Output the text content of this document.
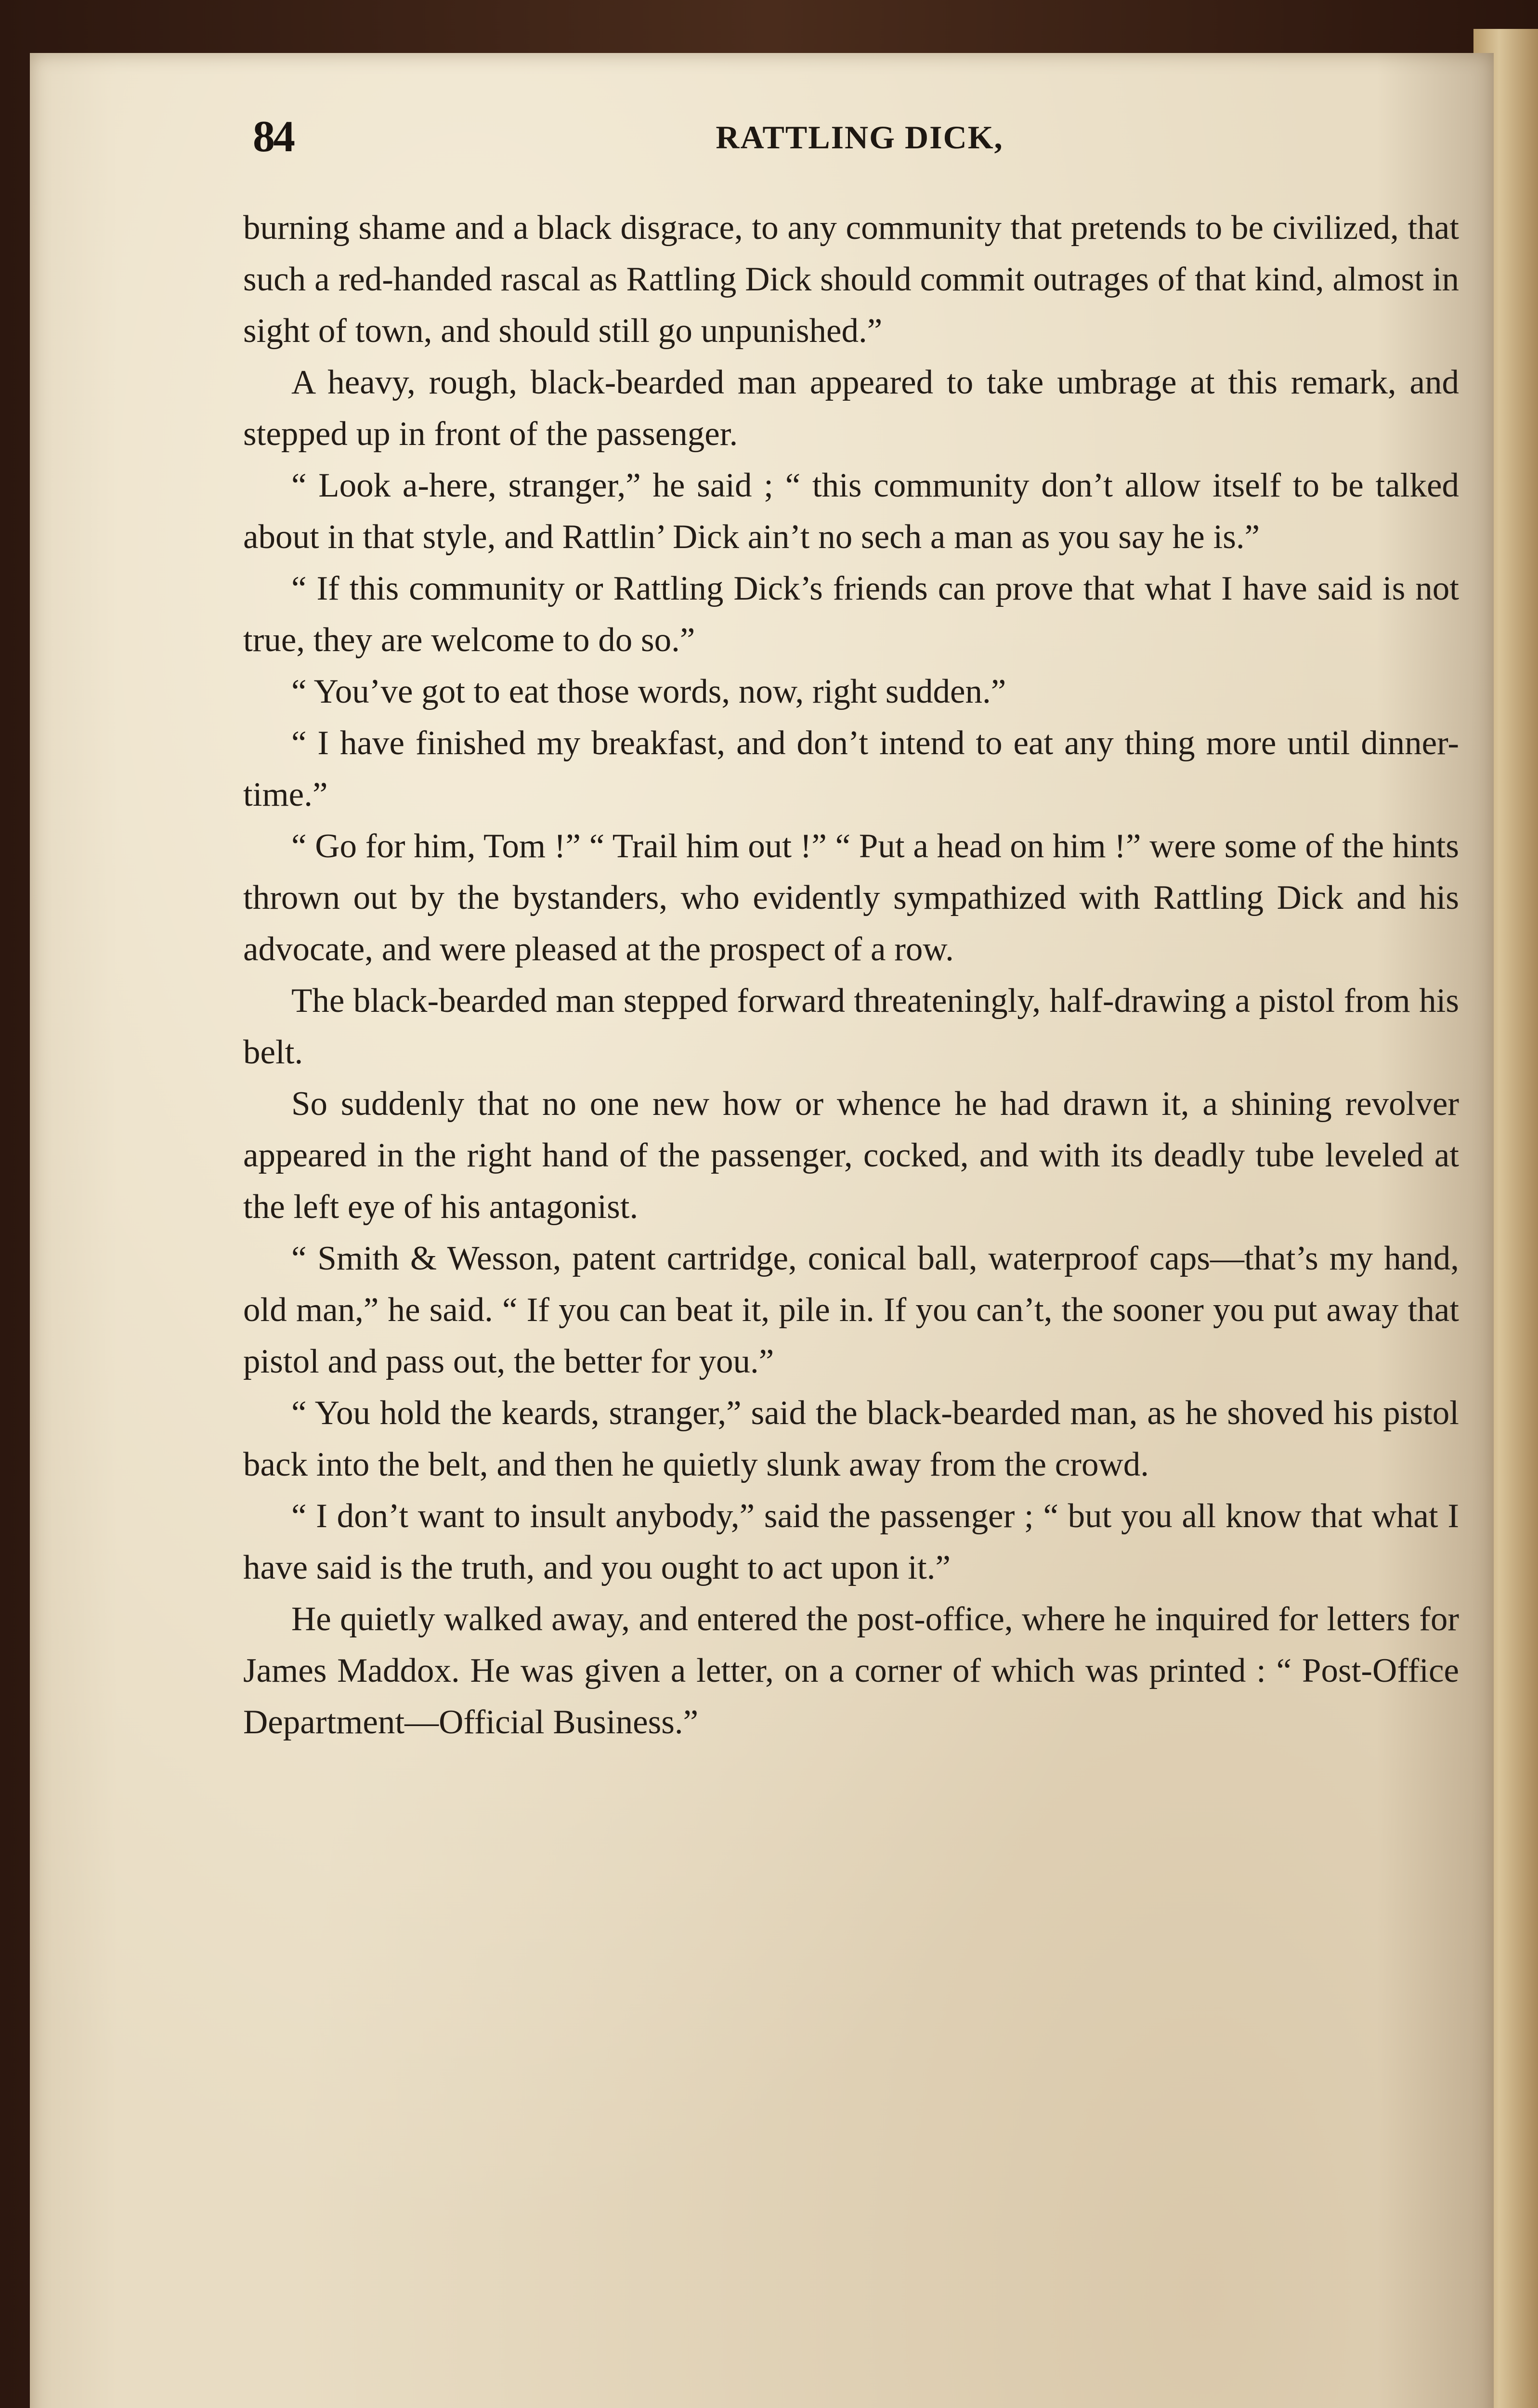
84	RATTLING DICK,

burning shame and a black disgrace, to any community that pretends to be civilized, that such a red-handed rascal as Rattling Dick should commit outrages of that kind, almost in sight of town, and should still go unpunished.”

A heavy, rough, black-bearded man appeared to take umbrage at this remark, and stepped up in front of the passenger.

“ Look a-here, stranger,” he said ; “ this community don’t allow itself to be talked about in that style, and Rattlin’ Dick ain’t no sech a man as you say he is.”

“ If this community or Rattling Dick’s friends can prove that what I have said is not true, they are welcome to do so.”

“ You’ve got to eat those words, now, right sudden.”

“ I have finished my breakfast, and don’t intend to eat any thing more until dinner-time.”

“ Go for him, Tom !” “ Trail him out !” “ Put a head on him !” were some of the hints thrown out by the bystanders, who evidently sympathized with Rattling Dick and his advocate, and were pleased at the prospect of a row.

The black-bearded man stepped forward threateningly, half-drawing a pistol from his belt.

So suddenly that no one new how or whence he had drawn it, a shining revolver appeared in the right hand of the passenger, cocked, and with its deadly tube leveled at the left eye of his antagonist.

“ Smith & Wesson, patent cartridge, conical ball, waterproof caps—that’s my hand, old man,” he said. “ If you can beat it, pile in. If you can’t, the sooner you put away that pistol and pass out, the better for you.”

“ You hold the keards, stranger,” said the black-bearded man, as he shoved his pistol back into the belt, and then he quietly slunk away from the crowd.

“ I don’t want to insult anybody,” said the passenger ; “ but you all know that what I have said is the truth, and you ought to act upon it.”

He quietly walked away, and entered the post-office, where he inquired for letters for James Maddox. He was given a letter, on a corner of which was printed : “ Post-Office Department—Official Business.”
